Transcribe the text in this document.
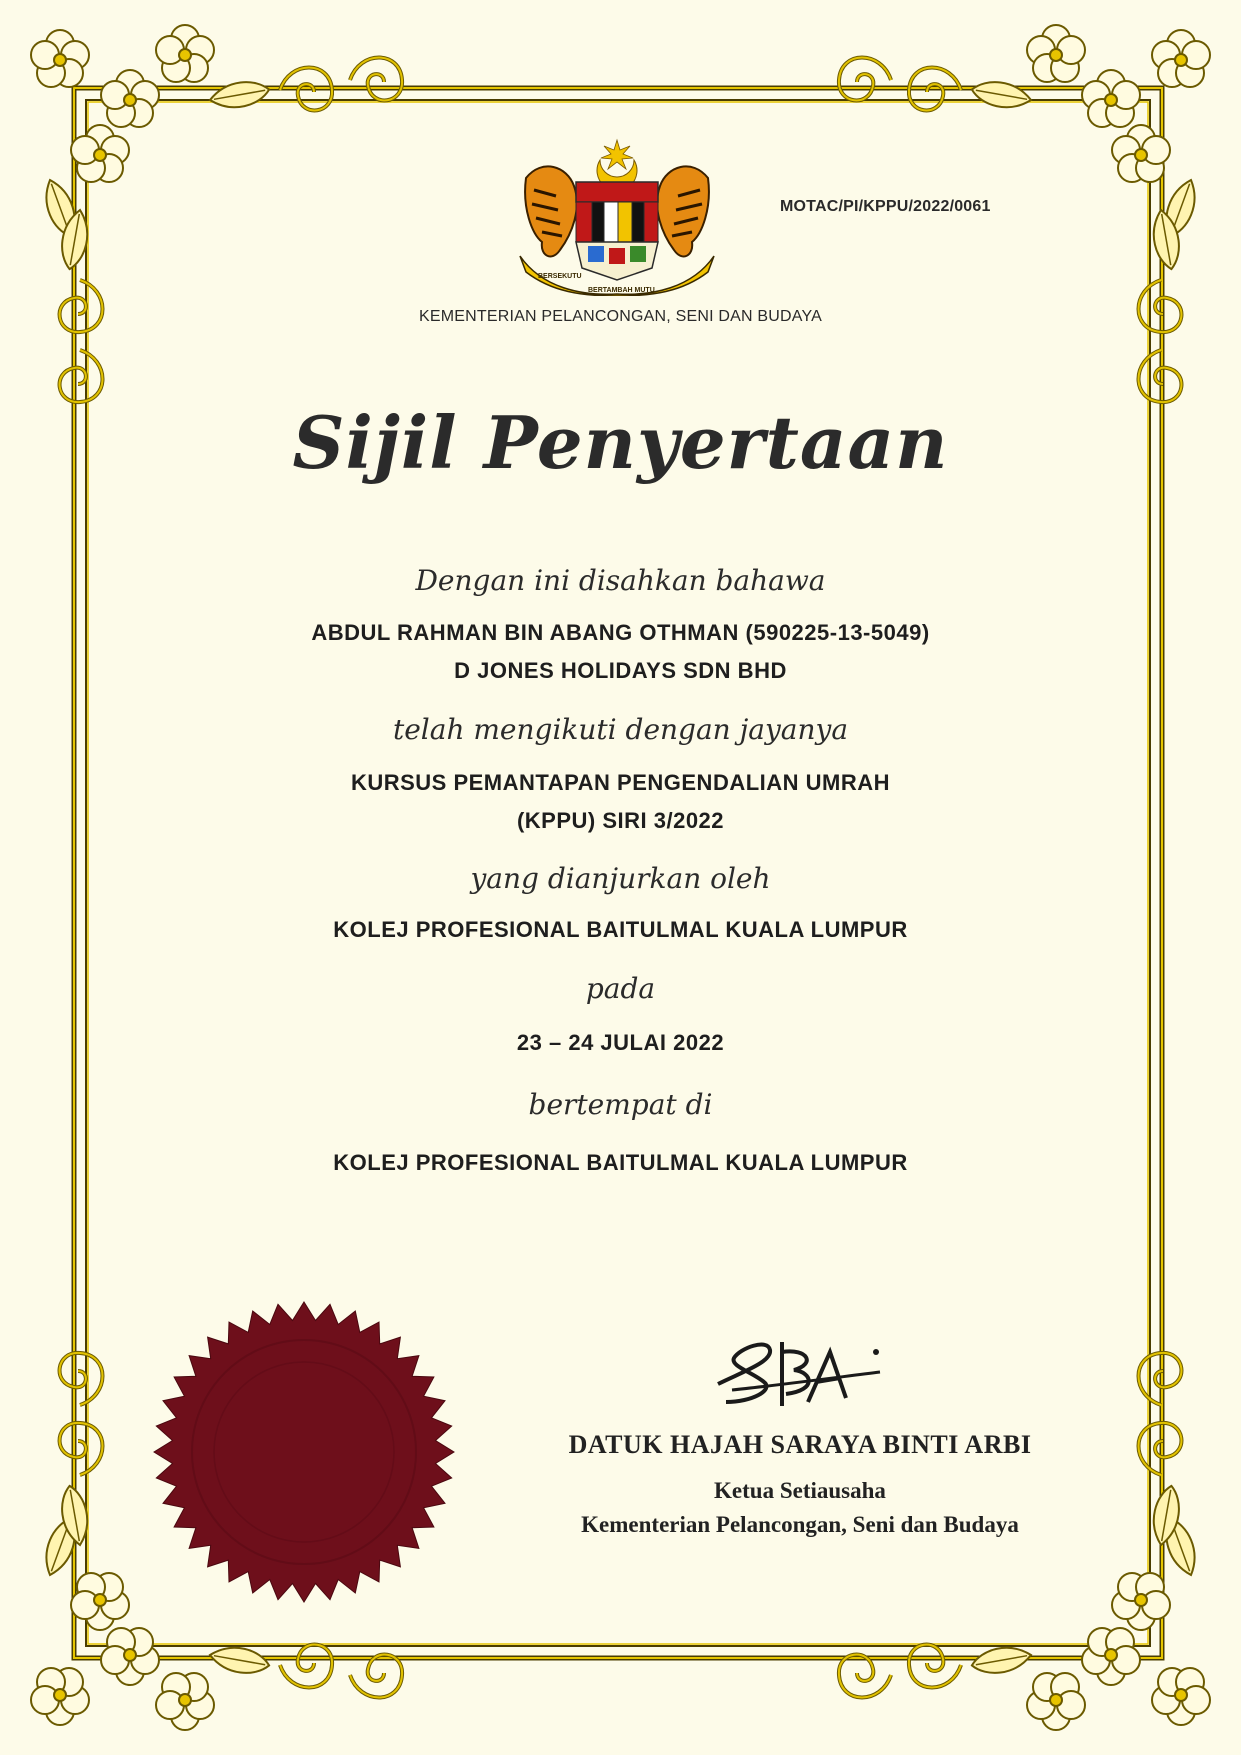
MOTAC/PI/KPPU/2022/0061
BERSEKUTU
BERTAMBAH MUTU
KEMENTERIAN PELANCONGAN, SENI DAN BUDAYA
Sijil Penyertaan
Dengan ini disahkan bahawa
ABDUL RAHMAN BIN ABANG OTHMAN (590225-13-5049)
D JONES HOLIDAYS SDN BHD
telah mengikuti dengan jayanya
KURSUS PEMANTAPAN PENGENDALIAN UMRAH
(KPPU) SIRI 3/2022
yang dianjurkan oleh
KOLEJ PROFESIONAL BAITULMAL KUALA LUMPUR
pada
23 – 24 JULAI 2022
bertempat di
KOLEJ PROFESIONAL BAITULMAL KUALA LUMPUR
DATUK HAJAH SARAYA BINTI ARBI
Ketua Setiausaha
Kementerian Pelancongan, Seni dan Budaya
